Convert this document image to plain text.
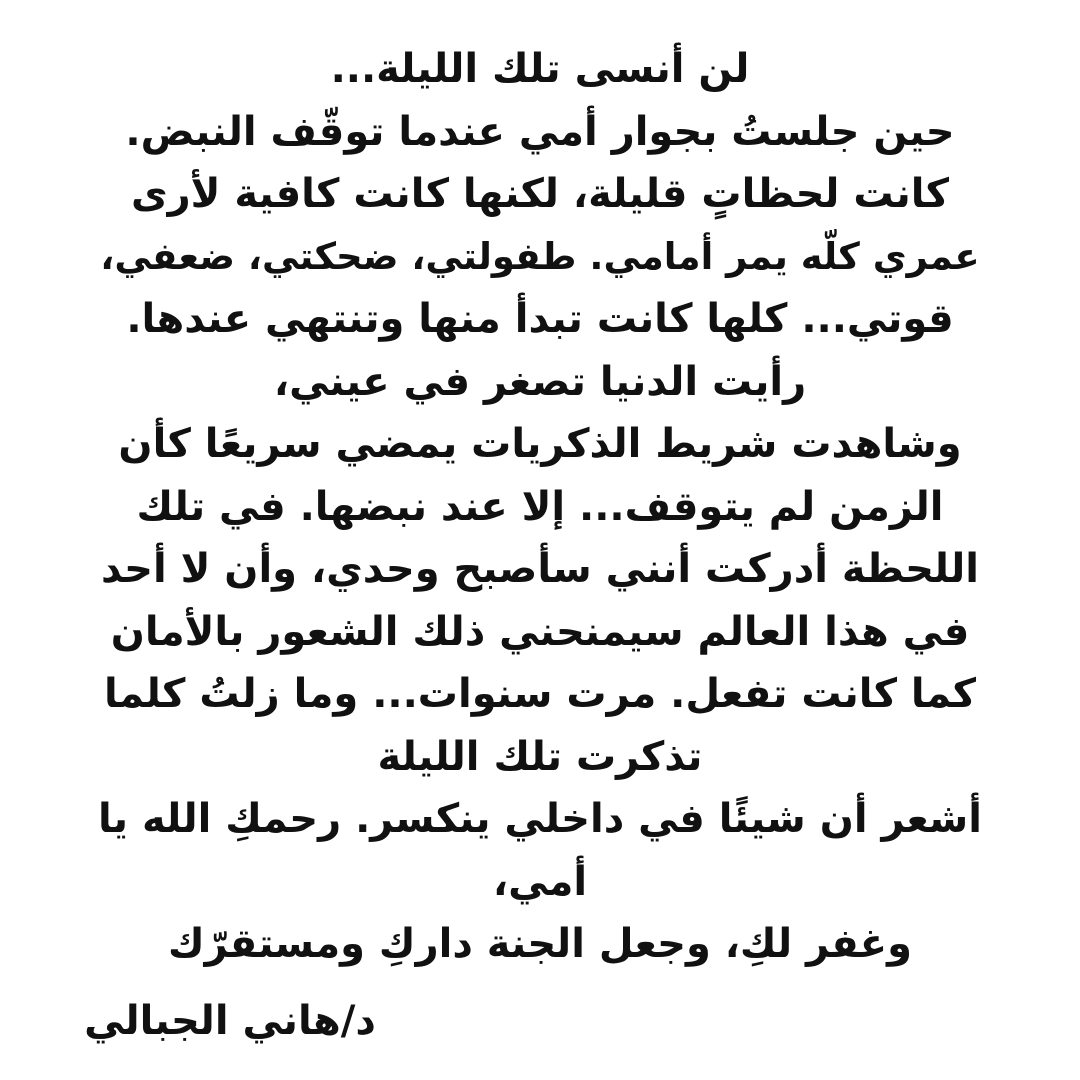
لن أنسى تلك الليلة...
حين جلستُ بجوار أمي عندما توقّف النبض.
كانت لحظاتٍ قليلة، لكنها كانت كافية لأرى
عمري كلّه يمر أمامي. طفولتي، ضحكتي، ضعفي،
قوتي... كلها كانت تبدأ منها وتنتهي عندها.
رأيت الدنيا تصغر في عيني،
وشاهدت شريط الذكريات يمضي سريعًا كأن
الزمن لم يتوقف... إلا عند نبضها. في تلك
اللحظة أدركت أنني سأصبح وحدي، وأن لا أحد
في هذا العالم سيمنحني ذلك الشعور بالأمان
كما كانت تفعل. مرت سنوات... وما زلتُ كلما
تذكرت تلك الليلة
أشعر أن شيئًا في داخلي ينكسر. رحمكِ الله يا
أمي،
وغفر لكِ، وجعل الجنة داركِ ومستقرّك
د/هاني الجبالي
